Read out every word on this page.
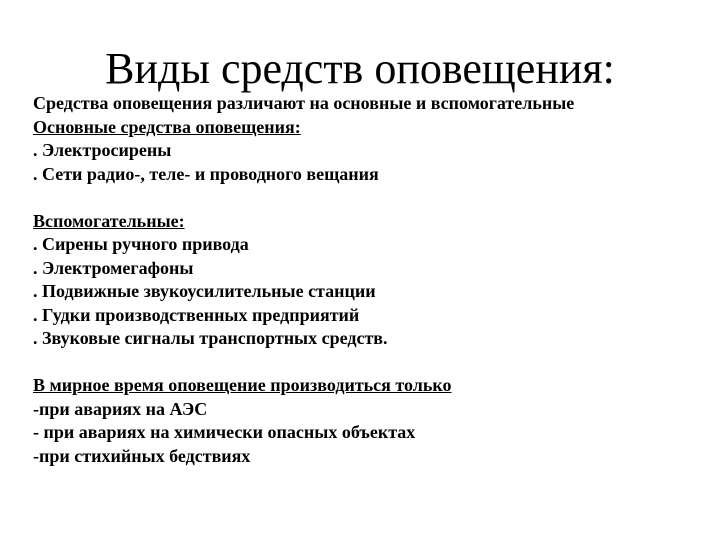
Виды средств оповещения:
Средства оповещения различают на основные и вспомогательные
Основные средства оповещения:
. Электросирены
. Сети радио-, теле- и проводного вещания
Вспомогательные:
. Сирены ручного привода
. Электромегафоны
. Подвижные звукоусилительные станции
. Гудки производственных предприятий
. Звуковые сигналы транспортных средств.
В мирное время оповещение производиться только
-при авариях на АЭС
- при авариях на химически опасных объектах
-при стихийных бедствиях
